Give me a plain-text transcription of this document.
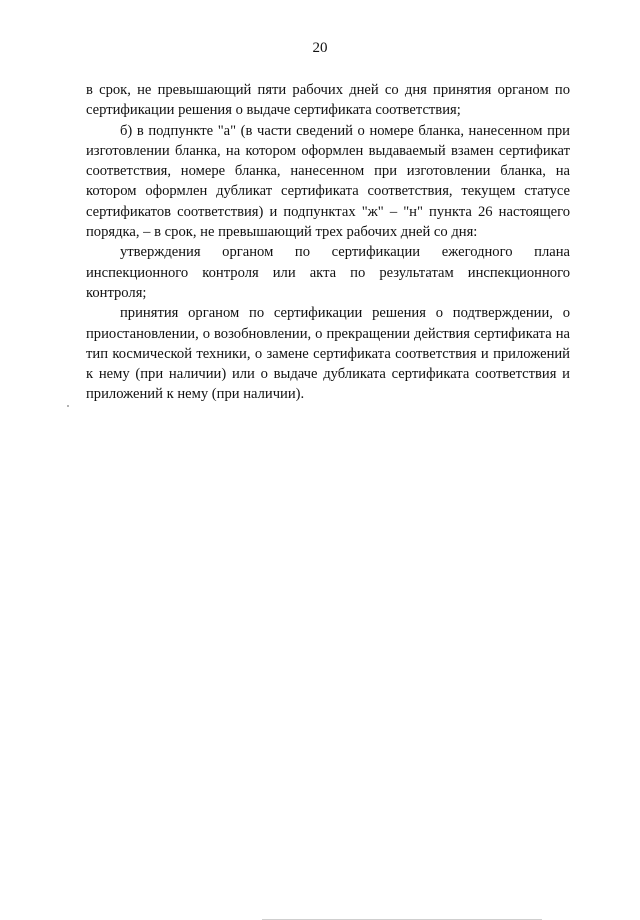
20

в срок, не превышающий пяти рабочих дней со дня принятия органом по сертификации решения о выдаче сертификата соответствия;

б) в подпункте "а" (в части сведений о номере бланка, нанесенном при изготовлении бланка, на котором оформлен выдаваемый взамен сертификат соответствия, номере бланка, нанесенном при изготовлении бланка, на котором оформлен дубликат сертификата соответствия, текущем статусе сертификатов соответствия) и подпунктах "ж" – "н" пункта 26 настоящего порядка, – в срок, не превышающий трех рабочих дней со дня:

утверждения органом по сертификации ежегодного плана инспекционного контроля или акта по результатам инспекционного контроля;

принятия органом по сертификации решения о подтверждении, о приостановлении, о возобновлении, о прекращении действия сертификата на тип космической техники, о замене сертификата соответствия и приложений к нему (при наличии) или о выдаче дубликата сертификата соответствия и приложений к нему (при наличии).
